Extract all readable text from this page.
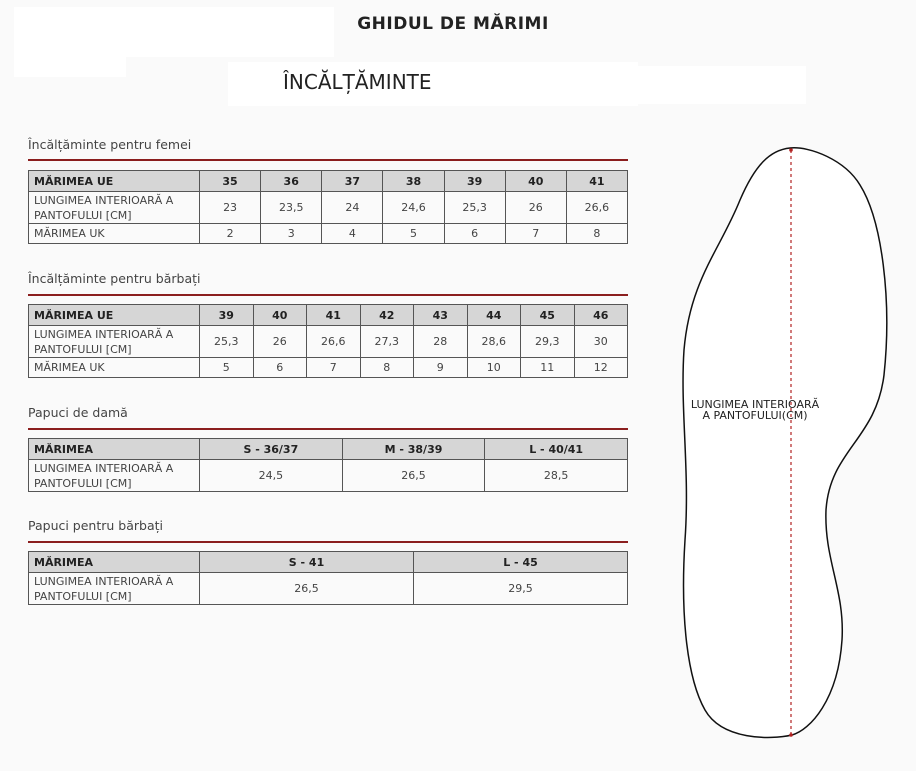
GHIDUL DE MĂRIMI
ÎNCĂLȚĂMINTE
Încălțăminte pentru femei
MĂRIMEA UE	35	36	37	38	39	40	41
LUNGIMEA INTERIOARĂ A PANTOFULUI [CM]	23	23,5	24	24,6	25,3	26	26,6
MĂRIMEA UK	2	3	4	5	6	7	8
Încălțăminte pentru bărbați
MĂRIMEA UE	39	40	41	42	43	44	45	46
LUNGIMEA INTERIOARĂ A PANTOFULUI [CM]	25,3	26	26,6	27,3	28	28,6	29,3	30
MĂRIMEA UK	5	6	7	8	9	10	11	12
Papuci de damă
MĂRIMEA	S - 36/37	M - 38/39	L - 40/41
LUNGIMEA INTERIOARĂ A PANTOFULUI [CM]	24,5	26,5	28,5
Papuci pentru bărbați
MĂRIMEA	S - 41	L - 45
LUNGIMEA INTERIOARĂ A PANTOFULUI [CM]	26,5	29,5
LUNGIMEA INTERIOARĂ
A PANTOFULUI(CM)
